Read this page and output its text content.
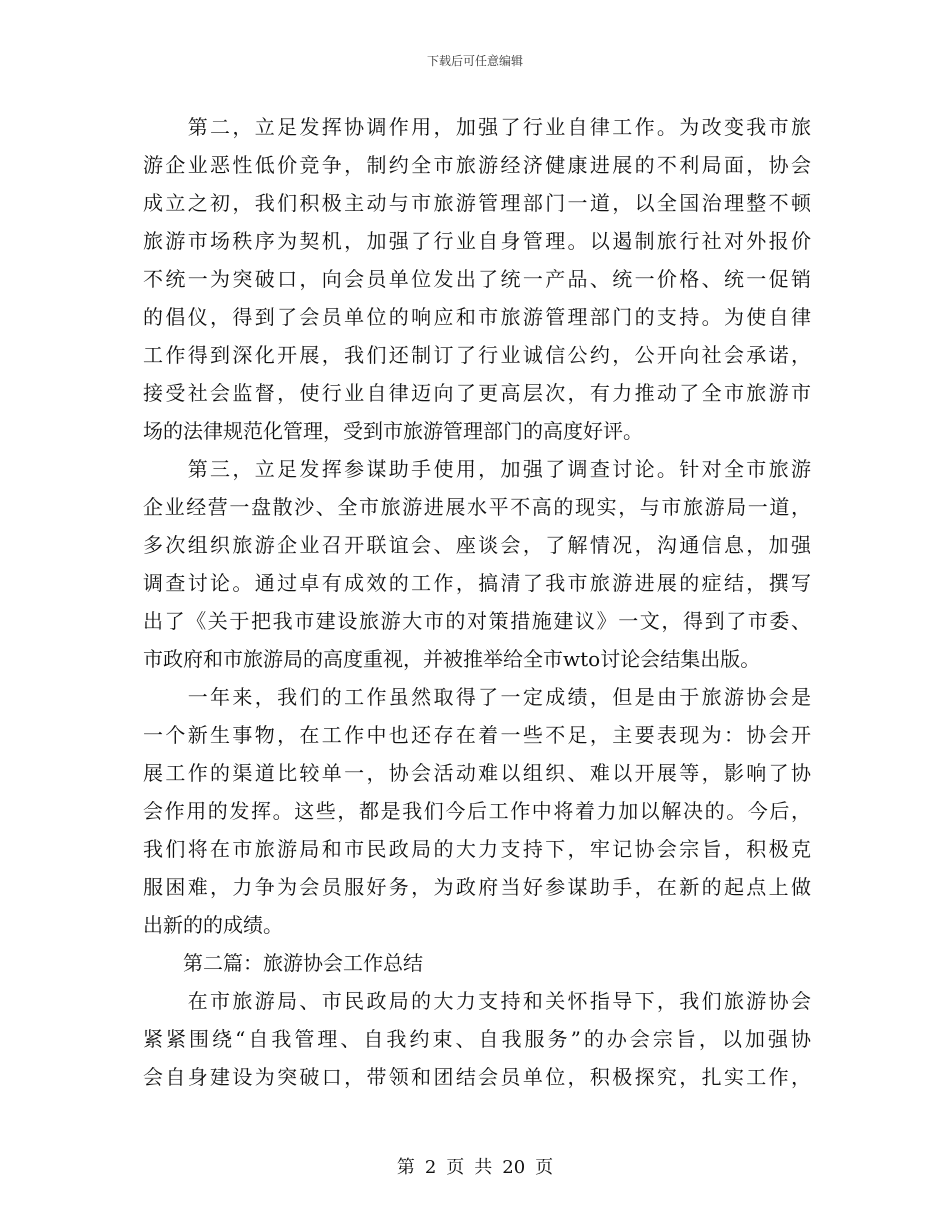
下载后可任意编辑
　　第二，立足发挥协调作用，加强了行业自律工作。为改变我市旅
游企业恶性低价竞争，制约全市旅游经济健康进展的不利局面，协会
成立之初，我们积极主动与市旅游管理部门一道，以全国治理整不顿
旅游市场秩序为契机，加强了行业自身管理。以遏制旅行社对外报价
不统一为突破口，向会员单位发出了统一产品、统一价格、统一促销
的倡仪，得到了会员单位的响应和市旅游管理部门的支持。为使自律
工作得到深化开展，我们还制订了行业诚信公约，公开向社会承诺，
接受社会监督，使行业自律迈向了更高层次，有力推动了全市旅游市
场的法律规范化管理，受到市旅游管理部门的高度好评。
　　第三，立足发挥参谋助手使用，加强了调查讨论。针对全市旅游
企业经营一盘散沙、全市旅游进展水平不高的现实，与市旅游局一道，
多次组织旅游企业召开联谊会、座谈会，了解情况，沟通信息，加强
调查讨论。通过卓有成效的工作，搞清了我市旅游进展的症结，撰写
出了《关于把我市建设旅游大市的对策措施建议》一文，得到了市委、
市政府和市旅游局的高度重视，并被推举给全市wto讨论会结集出版。
　　一年来，我们的工作虽然取得了一定成绩，但是由于旅游协会是
一个新生事物，在工作中也还存在着一些不足，主要表现为：协会开
展工作的渠道比较单一，协会活动难以组织、难以开展等，影响了协
会作用的发挥。这些，都是我们今后工作中将着力加以解决的。今后，
我们将在市旅游局和市民政局的大力支持下，牢记协会宗旨，积极克
服困难，力争为会员服好务，为政府当好参谋助手，在新的起点上做
出新的的成绩。
　　第二篇：旅游协会工作总结
　　在市旅游局、市民政局的大力支持和关怀指导下，我们旅游协会
紧紧围绕“自我管理、自我约束、自我服务”的办会宗旨，以加强协
会自身建设为突破口，带领和团结会员单位，积极探究，扎实工作，
第 2 页 共 20 页
